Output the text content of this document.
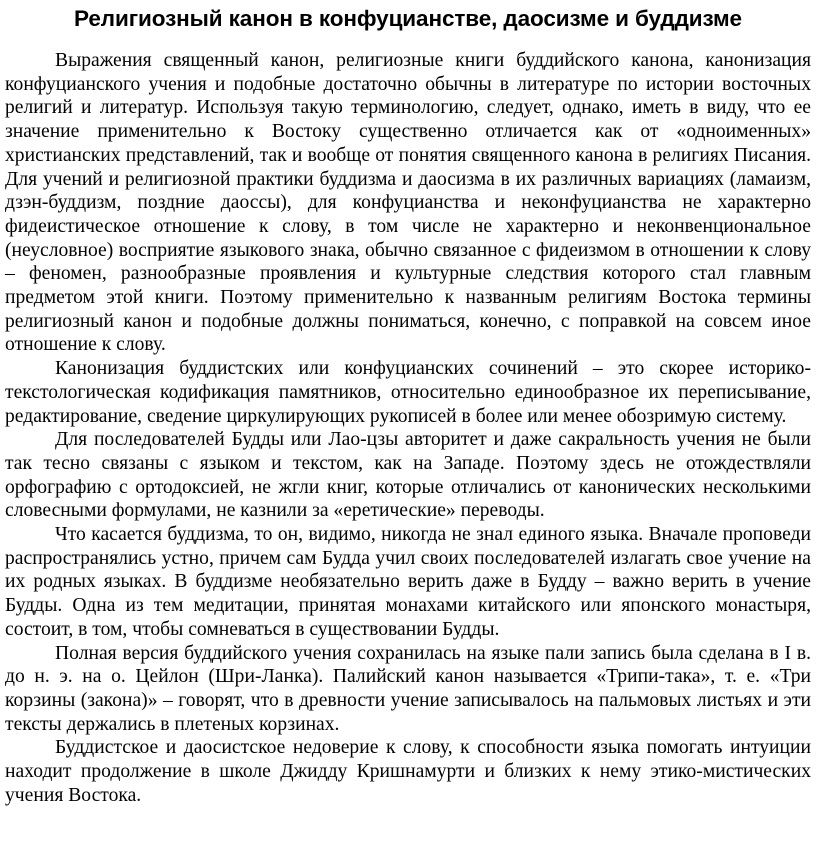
Религиозный канон в конфуцианстве, даосизме и буддизме

Выражения священный канон, религиозные книги буддийского канона, канонизация конфуцианского учения и подобные достаточно обычны в литературе по истории восточных религий и литератур. Используя такую терминологию, следует, однако, иметь в виду, что ее значение применительно к Востоку существенно отличается как от «одноименных» христианских представлений, так и вообще от понятия священного канона в религиях Писания. Для учений и религиозной практики буддизма и даосизма в их различных вариациях (ламаизм, дзэн-буддизм, поздние даоссы), для конфуцианства и неконфуцианства не характерно фидеистическое отношение к слову, в том числе не характерно и неконвенциональное (неусловное) восприятие языкового знака, обычно связанное с фидеизмом в отношении к слову – феномен, разнообразные проявления и культурные следствия которого стал главным предметом этой книги. Поэтому применительно к названным религиям Востока термины религиозный канон и подобные должны пониматься, конечно, с поправкой на совсем иное отношение к слову.

Канонизация буддистских или конфуцианских сочинений – это скорее историко-текстологическая кодификация памятников, относительно единообразное их переписывание, редактирование, сведение циркулирующих рукописей в более или менее обозримую систему.

Для последователей Будды или Лао-цзы авторитет и даже сакральность учения не были так тесно связаны с языком и текстом, как на Западе. Поэтому здесь не отождествляли орфографию с ортодоксией, не жгли книг, которые отличались от канонических несколькими словесными формулами, не казнили за «еретические» переводы.

Что касается буддизма, то он, видимо, никогда не знал единого языка. Вначале проповеди распространялись устно, причем сам Будда учил своих последователей излагать свое учение на их родных языках. В буддизме необязательно верить даже в Будду – важно верить в учение Будды. Одна из тем медитации, принятая монахами китайского или японского монастыря, состоит, в том, чтобы сомневаться в существовании Будды.

Полная версия буддийского учения сохранилась на языке пали запись была сделана в I в. до н. э. на о. Цейлон (Шри-Ланка). Палийский канон называется «Трипи-така», т. е. «Три корзины (закона)» – говорят, что в древности учение записывалось на пальмовых листьях и эти тексты держались в плетеных корзинах.

Буддистское и даосистское недоверие к слову, к способности языка помогать интуиции находит продолжение в школе Джидду Кришнамурти и близких к нему этико-мистических учения Востока.
